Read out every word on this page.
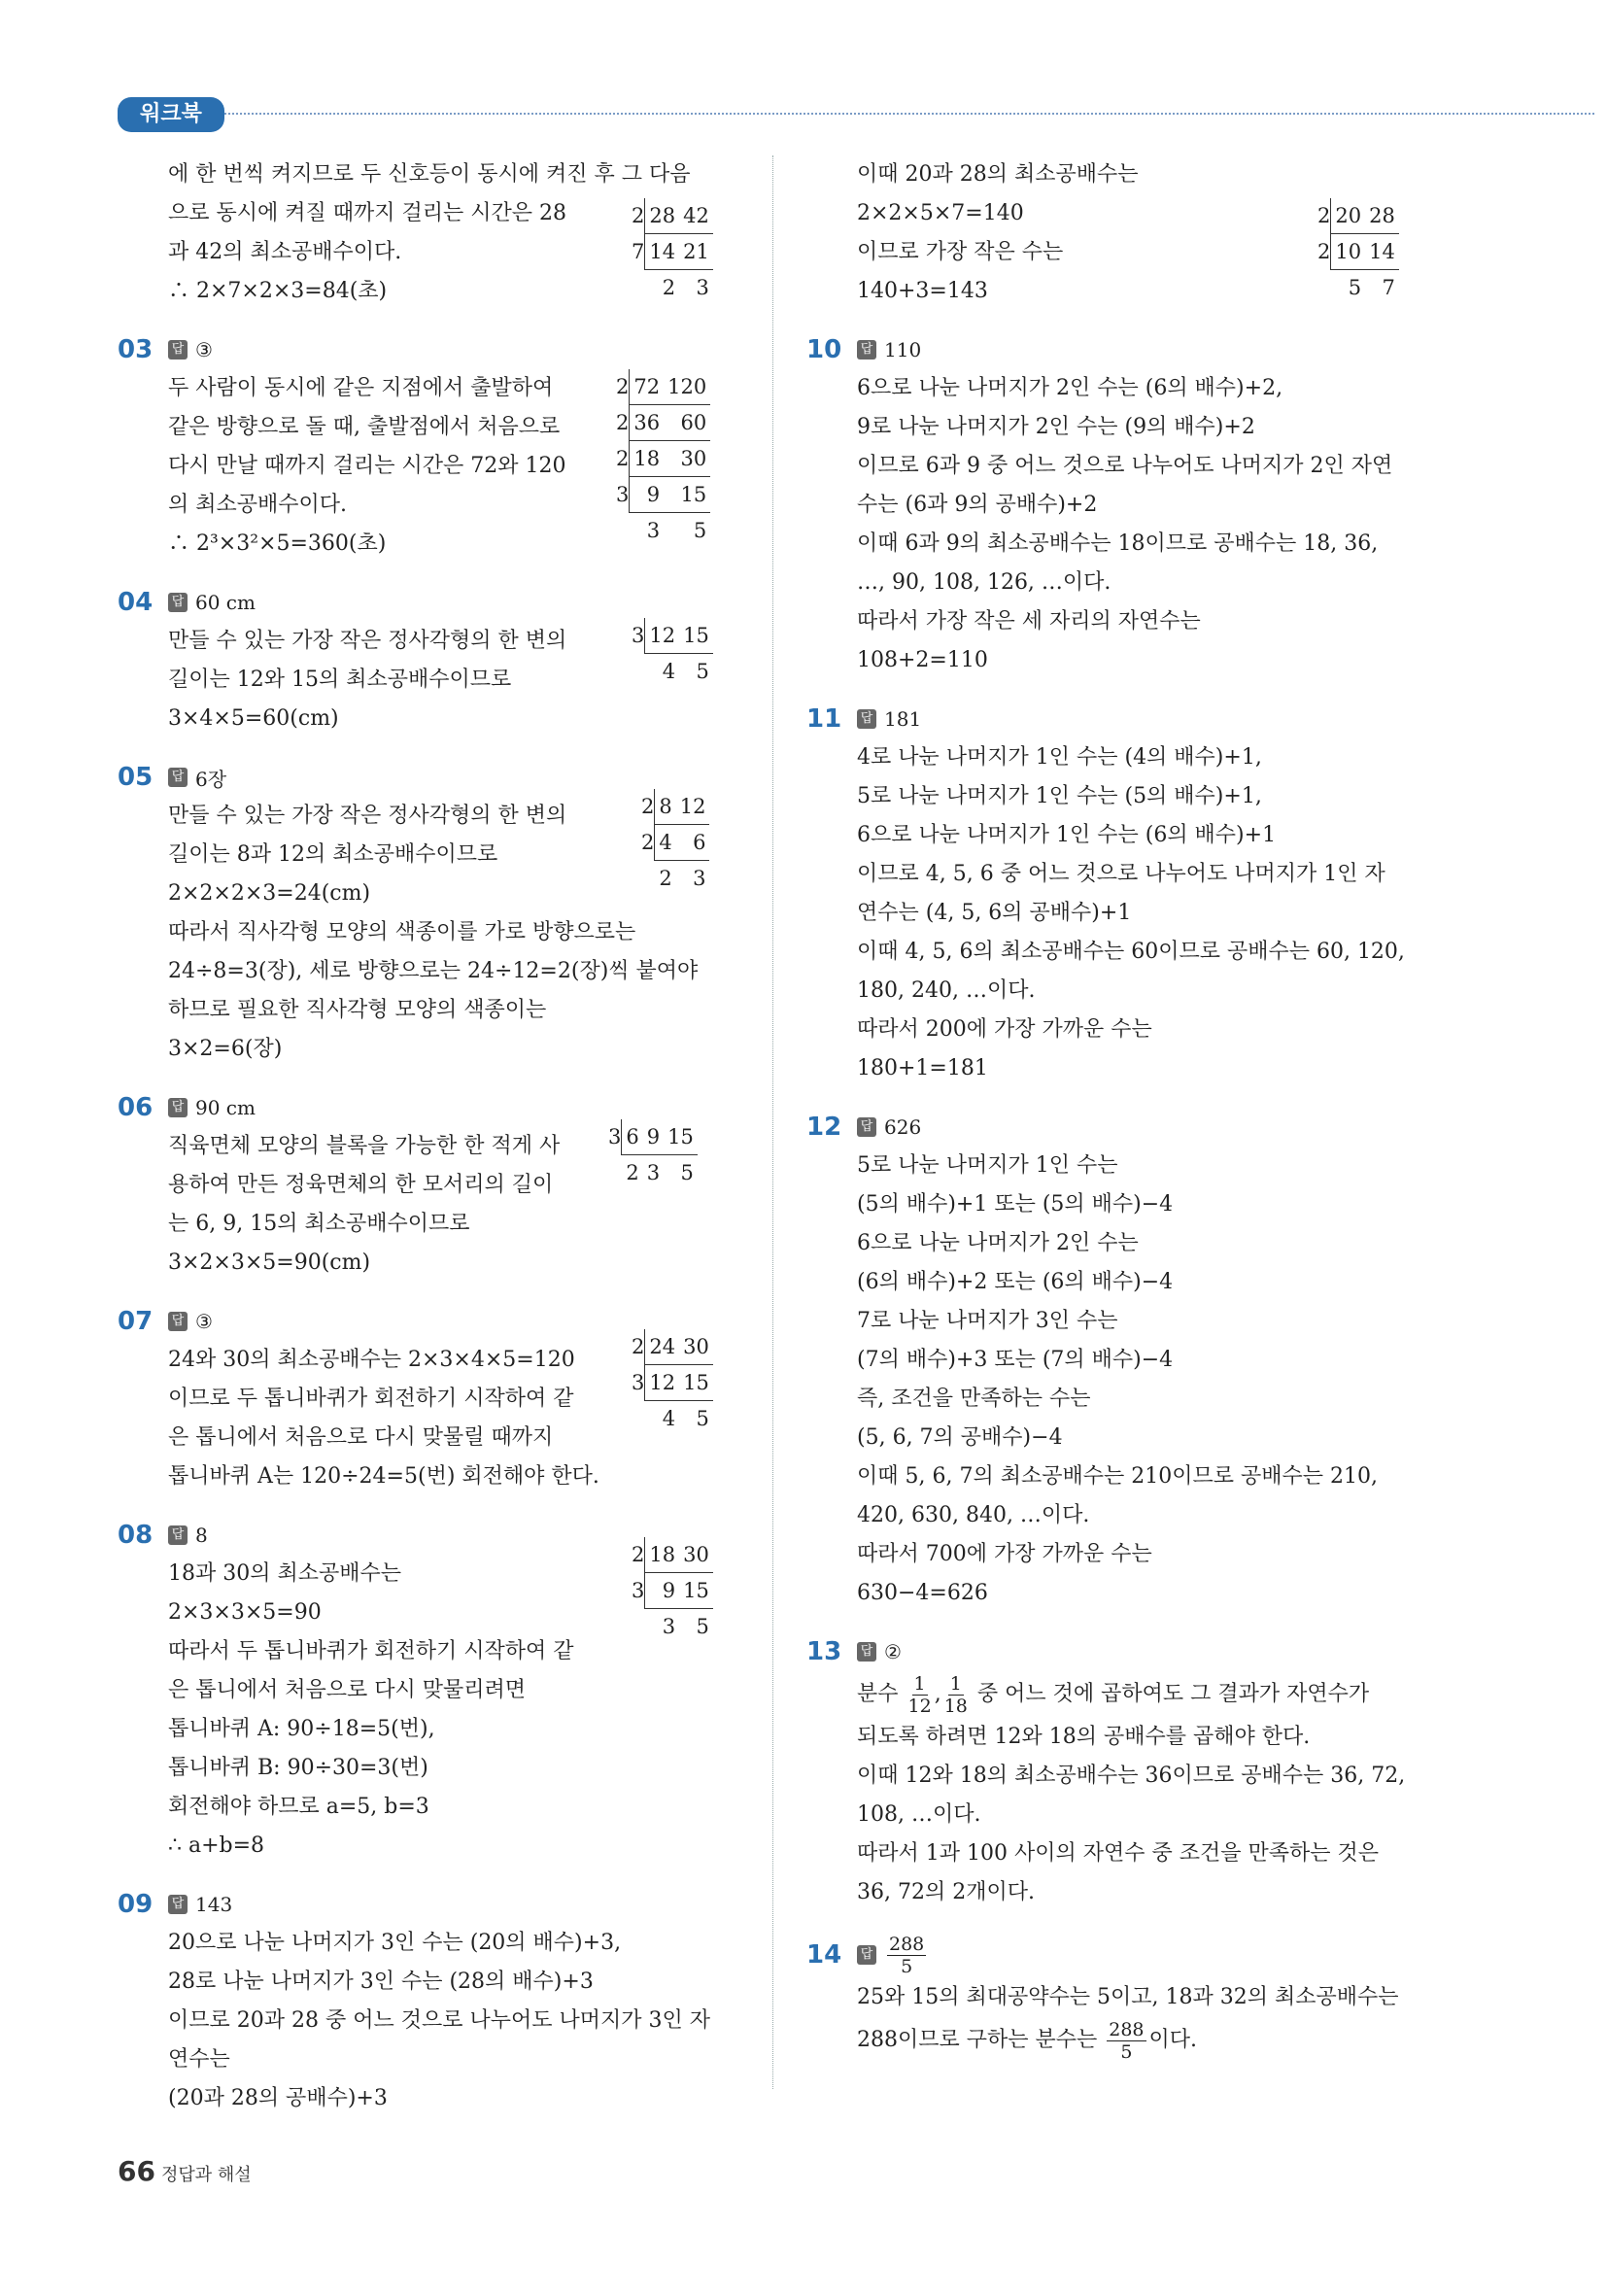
워크북

에 한 번씩 켜지므로 두 신호등이 동시에 켜진 후 그 다음

으로 동시에 켜질 때까지 걸리는 시간은 28

과 42의 최소공배수이다.

∴ 2×7×2×3=84(초)

03	답 ③

두 사람이 동시에 같은 지점에서 출발하여

같은 방향으로 돌 때, 출발점에서 처음으로

다시 만날 때까지 걸리는 시간은 72와 120

의 최소공배수이다.

∴ 2³×3²×5=360(초)

04	답 60 cm

만들 수 있는 가장 작은 정사각형의 한 변의

길이는 12와 15의 최소공배수이므로

3×4×5=60(cm)

05	답 6장

만들 수 있는 가장 작은 정사각형의 한 변의

길이는 8과 12의 최소공배수이므로

2×2×2×3=24(cm)

따라서 직사각형 모양의 색종이를 가로 방향으로는

24÷8=3(장), 세로 방향으로는 24÷12=2(장)씩 붙여야

하므로 필요한 직사각형 모양의 색종이는

3×2=6(장)

06	답 90 cm

직육면체 모양의 블록을 가능한 한 적게 사

용하여 만든 정육면체의 한 모서리의 길이

는 6, 9, 15의 최소공배수이므로

3×2×3×5=90(cm)

07	답 ③

24와 30의 최소공배수는 2×3×4×5=120

이므로 두 톱니바퀴가 회전하기 시작하여 같

은 톱니에서 처음으로 다시 맞물릴 때까지

톱니바퀴 A는 120÷24=5(번) 회전해야 한다.

08	답 8

18과 30의 최소공배수는

2×3×3×5=90

따라서 두 톱니바퀴가 회전하기 시작하여 같

은 톱니에서 처음으로 다시 맞물리려면

톱니바퀴 A: 90÷18=5(번),

톱니바퀴 B: 90÷30=3(번)

회전해야 하므로 a=5, b=3

∴ a+b=8

09	답 143

20으로 나눈 나머지가 3인 수는 (20의 배수)+3,

28로 나눈 나머지가 3인 수는 (28의 배수)+3

이므로 20과 28 중 어느 것으로 나누어도 나머지가 3인 자

연수는

(20과 28의 공배수)+3

2	28	42
7	14	21
	2	3
2	72	120
2	36	60
2	18	30
3	9	15
	3	5
3	12	15
	4	5
2	8	12
2	4	6
	2	3
3	6	9	15
	2	3	5
2	24	30
3	12	15
	4	5
2	18	30
3	9	15
	3	5

이때 20과 28의 최소공배수는

2×2×5×7=140

이므로 가장 작은 수는

140+3=143

10	답 110

6으로 나눈 나머지가 2인 수는 (6의 배수)+2,

9로 나눈 나머지가 2인 수는 (9의 배수)+2

이므로 6과 9 중 어느 것으로 나누어도 나머지가 2인 자연

수는 (6과 9의 공배수)+2

이때 6과 9의 최소공배수는 18이므로 공배수는 18, 36,

…, 90, 108, 126, …이다.

따라서 가장 작은 세 자리의 자연수는

108+2=110

11	답 181

4로 나눈 나머지가 1인 수는 (4의 배수)+1,

5로 나눈 나머지가 1인 수는 (5의 배수)+1,

6으로 나눈 나머지가 1인 수는 (6의 배수)+1

이므로 4, 5, 6 중 어느 것으로 나누어도 나머지가 1인 자

연수는 (4, 5, 6의 공배수)+1

이때 4, 5, 6의 최소공배수는 60이므로 공배수는 60, 120,

180, 240, …이다.

따라서 200에 가장 가까운 수는

180+1=181

12	답 626

5로 나눈 나머지가 1인 수는

(5의 배수)+1 또는 (5의 배수)−4

6으로 나눈 나머지가 2인 수는

(6의 배수)+2 또는 (6의 배수)−4

7로 나눈 나머지가 3인 수는

(7의 배수)+3 또는 (7의 배수)−4

즉, 조건을 만족하는 수는

(5, 6, 7의 공배수)−4

이때 5, 6, 7의 최소공배수는 210이므로 공배수는 210,

420, 630, 840, …이다.

따라서 700에 가장 가까운 수는

630−4=626

13	답 ②

분수 $\frac{1}{12}$ , $\frac{1}{18}$ 중 어느 것에 곱하여도 그 결과가 자연수가

되도록 하려면 12와 18의 공배수를 곱해야 한다.

이때 12와 18의 최소공배수는 36이므로 공배수는 36, 72,

108, …이다.

따라서 1과 100 사이의 자연수 중 조건을 만족하는 것은

36, 72의 2개이다.

14	답 $\frac{288}{5}$

25와 15의 최대공약수는 5이고, 18과 32의 최소공배수는

288이므로 구하는 분수는 $\frac{288}{5}$ 이다.

2	20	28
2	10	14
	5	7
66 정답과 해설
